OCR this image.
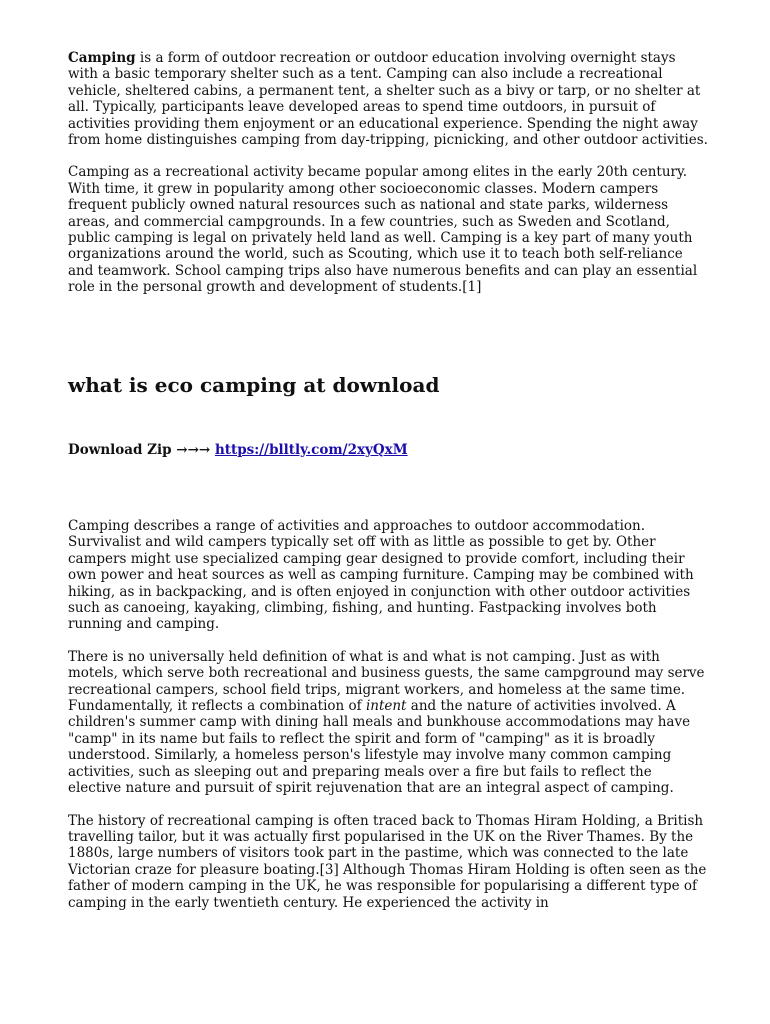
Camping is a form of outdoor recreation or outdoor education involving overnight stays with a basic temporary shelter such as a tent. Camping can also include a recreational vehicle, sheltered cabins, a permanent tent, a shelter such as a bivy or tarp, or no shelter at all. Typically, participants leave developed areas to spend time outdoors, in pursuit of activities providing them enjoyment or an educational experience. Spending the night away from home distinguishes camping from day-tripping, picnicking, and other outdoor activities.

Camping as a recreational activity became popular among elites in the early 20th century. With time, it grew in popularity among other socioeconomic classes. Modern campers frequent publicly owned natural resources such as national and state parks, wilderness areas, and commercial campgrounds. In a few countries, such as Sweden and Scotland, public camping is legal on privately held land as well. Camping is a key part of many youth organizations around the world, such as Scouting, which use it to teach both self-reliance and teamwork. School camping trips also have numerous benefits and can play an essential role in the personal growth and development of students.[1]

what is eco camping at download
Download Zip →→→ https://blltly.com/2xyQxM

Camping describes a range of activities and approaches to outdoor accommodation. Survivalist and wild campers typically set off with as little as possible to get by. Other campers might use specialized camping gear designed to provide comfort, including their own power and heat sources as well as camping furniture. Camping may be combined with hiking, as in backpacking, and is often enjoyed in conjunction with other outdoor activities such as canoeing, kayaking, climbing, fishing, and hunting. Fastpacking involves both running and camping.

There is no universally held definition of what is and what is not camping. Just as with motels, which serve both recreational and business guests, the same campground may serve recreational campers, school field trips, migrant workers, and homeless at the same time. Fundamentally, it reflects a combination of intent and the nature of activities involved. A children's summer camp with dining hall meals and bunkhouse accommodations may have "camp" in its name but fails to reflect the spirit and form of "camping" as it is broadly understood. Similarly, a homeless person's lifestyle may involve many common camping activities, such as sleeping out and preparing meals over a fire but fails to reflect the elective nature and pursuit of spirit rejuvenation that are an integral aspect of camping.

The history of recreational camping is often traced back to Thomas Hiram Holding, a British travelling tailor, but it was actually first popularised in the UK on the River Thames. By the 1880s, large numbers of visitors took part in the pastime, which was connected to the late Victorian craze for pleasure boating.[3] Although Thomas Hiram Holding is often seen as the father of modern camping in the UK, he was responsible for popularising a different type of camping in the early twentieth century. He experienced the activity in
